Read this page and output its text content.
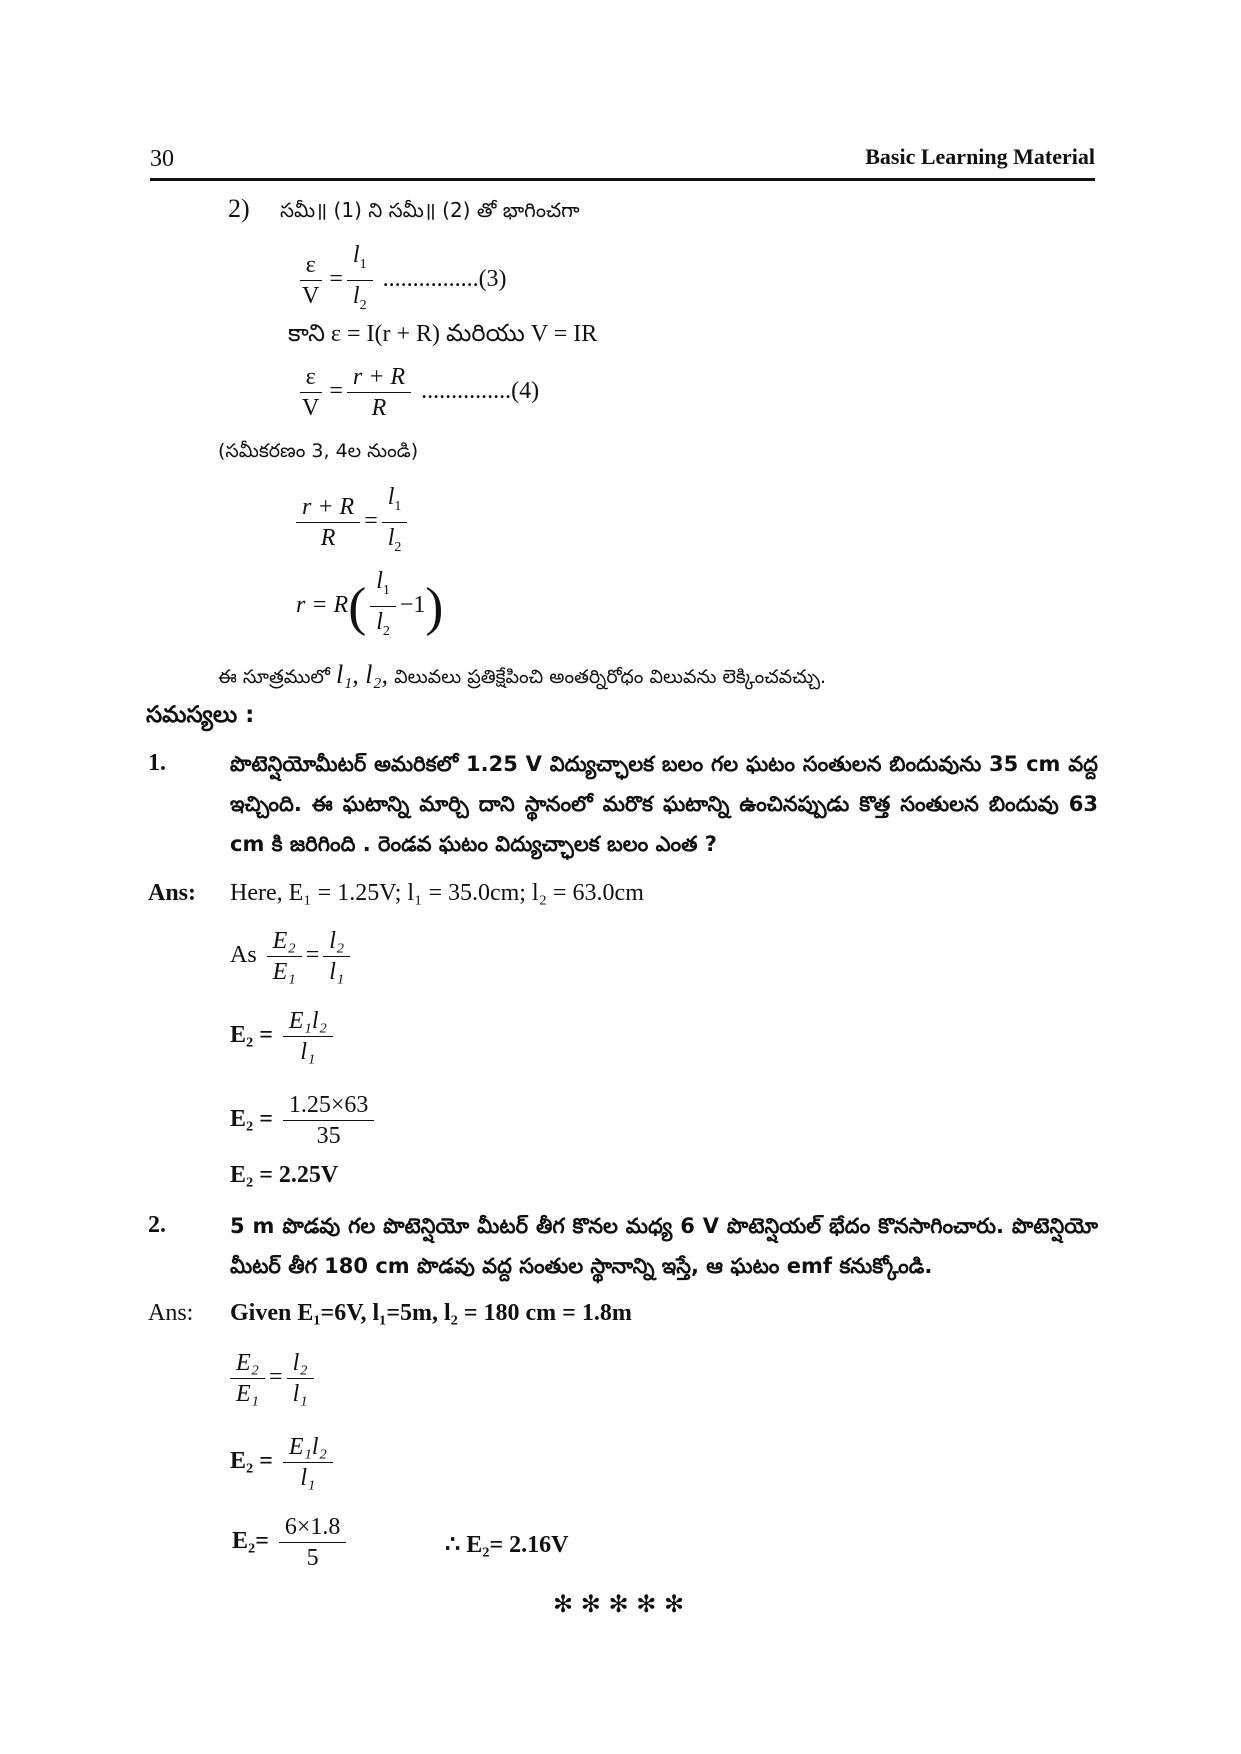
30	Basic Learning Material
2) సమీ॥ (1) ని సమీ॥ (2) తో భాగించగా
$\frac{\varepsilon}{V} = \frac{l_1}{l_2} ................(3)$
కాని ε = I(r + R) మరియు V = IR
$\frac{\varepsilon}{V} = \frac{r + R}{R} ...............(4)$
(సమీకరణం 3, 4ల నుండి)
$\frac{r + R}{R} = \frac{l_1}{l_2}$
$r = R( \frac{l_1}{l_2} -1)$
ఈ సూత్రములో l₁, l₂, విలువలు ప్రతిక్షేపించి అంతర్నిరోధం విలువను లెక్కించవచ్చు.
సమస్యలు :
1.	పొటెన్షియోమీటర్ అమరికలో 1.25 V విద్యుచ్ఛాలక బలం గల ఘటం సంతులన బిందువును 35 cm వద్ద ఇచ్చింది. ఈ ఘటాన్ని మార్చి దాని స్థానంలో మరొక ఘటాన్ని ఉంచినప్పుడు కొత్త సంతులన బిందువు 63 cm కి జరిగింది . రెండవ ఘటం విద్యుచ్ఛాలక బలం ఎంత ?
Ans: Here, E₁ = 1.25V; l₁ = 35.0cm; l₂ = 63.0cm
As $\frac{\text{E₂}}{\text{E₁}} = \frac{\text{l₂}}{\text{l₁}}$
$E_2 = \frac{\text{E₁l₂}}{\text{l₁}}$
$E_2 = \frac{1.25\times 63}{35}$
E₂ = 2.25V
2.	5 m పొడవు గల పొటెన్షియో మీటర్ తీగ కొనల మధ్య 6 V పొటెన్షియల్ భేదం కొనసాగించారు. పొటెన్షియో మీటర్ తీగ 180 cm పొడవు వద్ద సంతుల స్థానాన్ని ఇస్తే, ఆ ఘటం emf కనుక్కోండి.
Ans: Given E₁=6V, l₁=5m, l₂ = 180 cm = 1.8m
$\frac{\text{E₂}}{\text{E₁}} = \frac{\text{l₂}}{\text{l₁}}$
$E_2 = \frac{\text{E₁l₂}}{\text{l₁}}$
$E_2= \frac{6\times 1.8}{5}$	∴ E₂= 2.16V
✻ ✻ ✻ ✻ ✻
